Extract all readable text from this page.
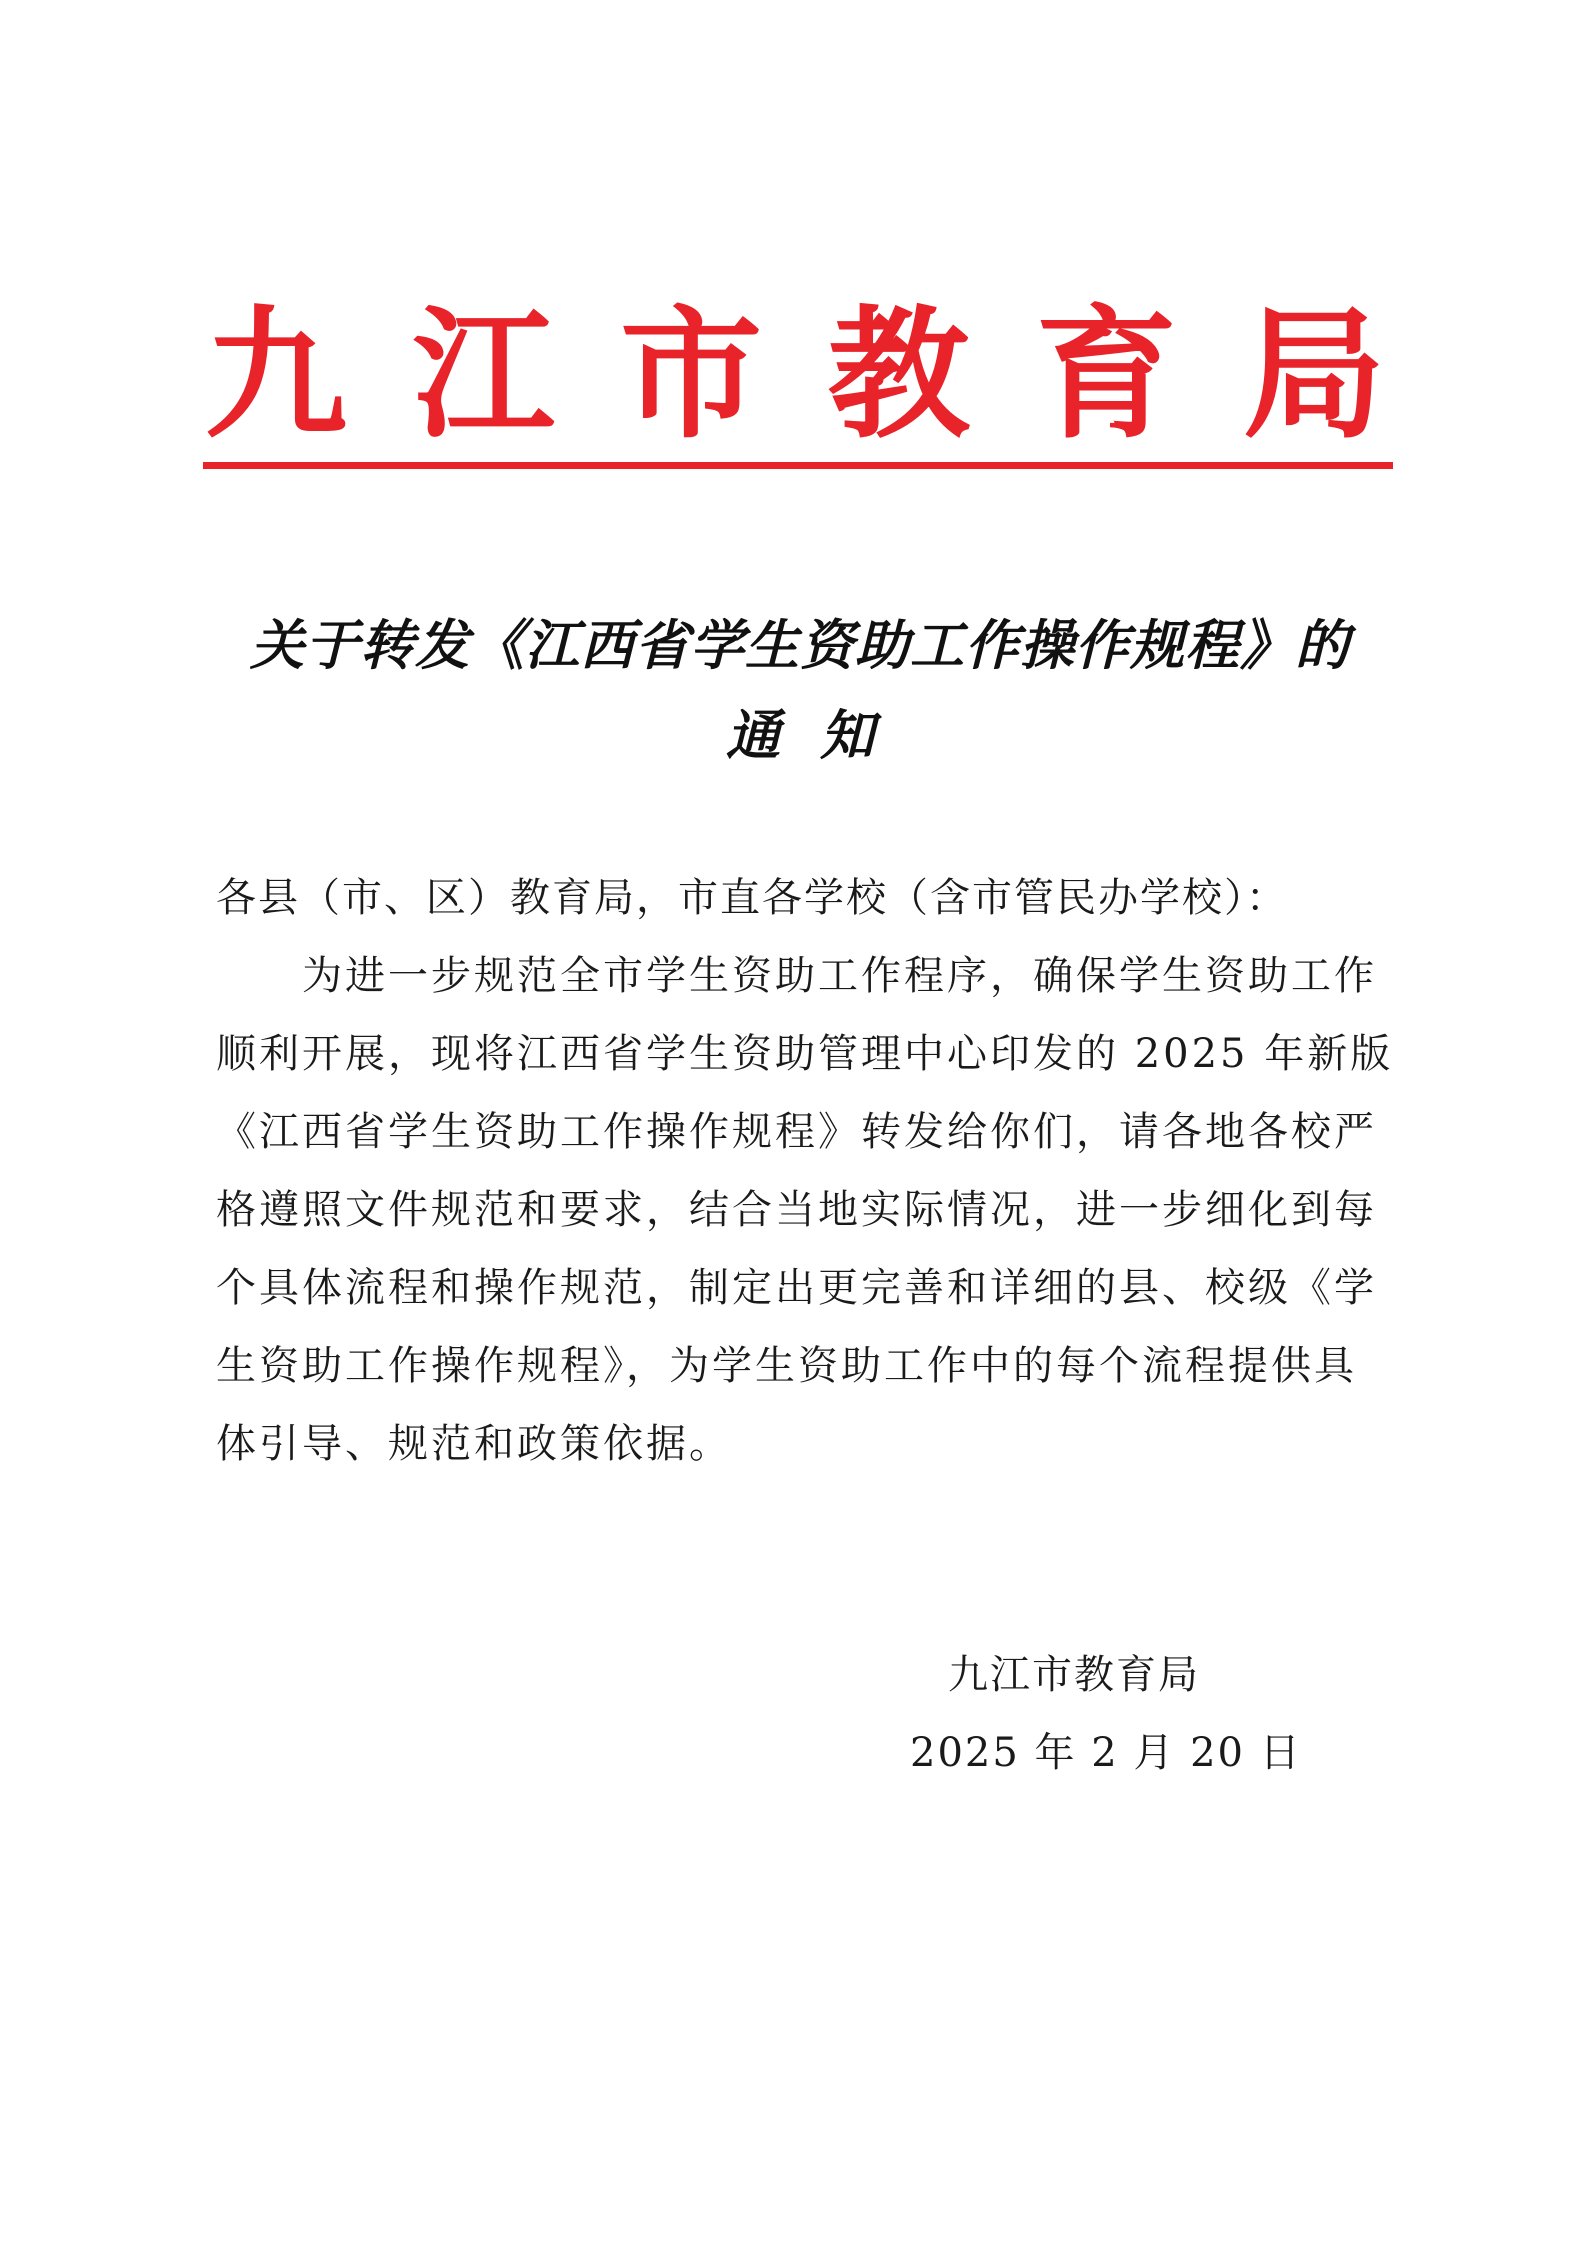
九 江 市 教 育 局
关于转发《江西省学生资助工作操作规程》的
通知
各县（市、区）教育局，市直各学校（含市管民办学校）：
　　为进一步规范全市学生资助工作程序，确保学生资助工作
顺利开展，现将江西省学生资助管理中心印发的 2025 年新版
《江西省学生资助工作操作规程》转发给你们，请各地各校严
格遵照文件规范和要求，结合当地实际情况，进一步细化到每
个具体流程和操作规范，制定出更完善和详细的县、校级《学
生资助工作操作规程》，为学生资助工作中的每个流程提供具
体引导、规范和政策依据。
九江市教育局
2025 年 2 月 20 日
